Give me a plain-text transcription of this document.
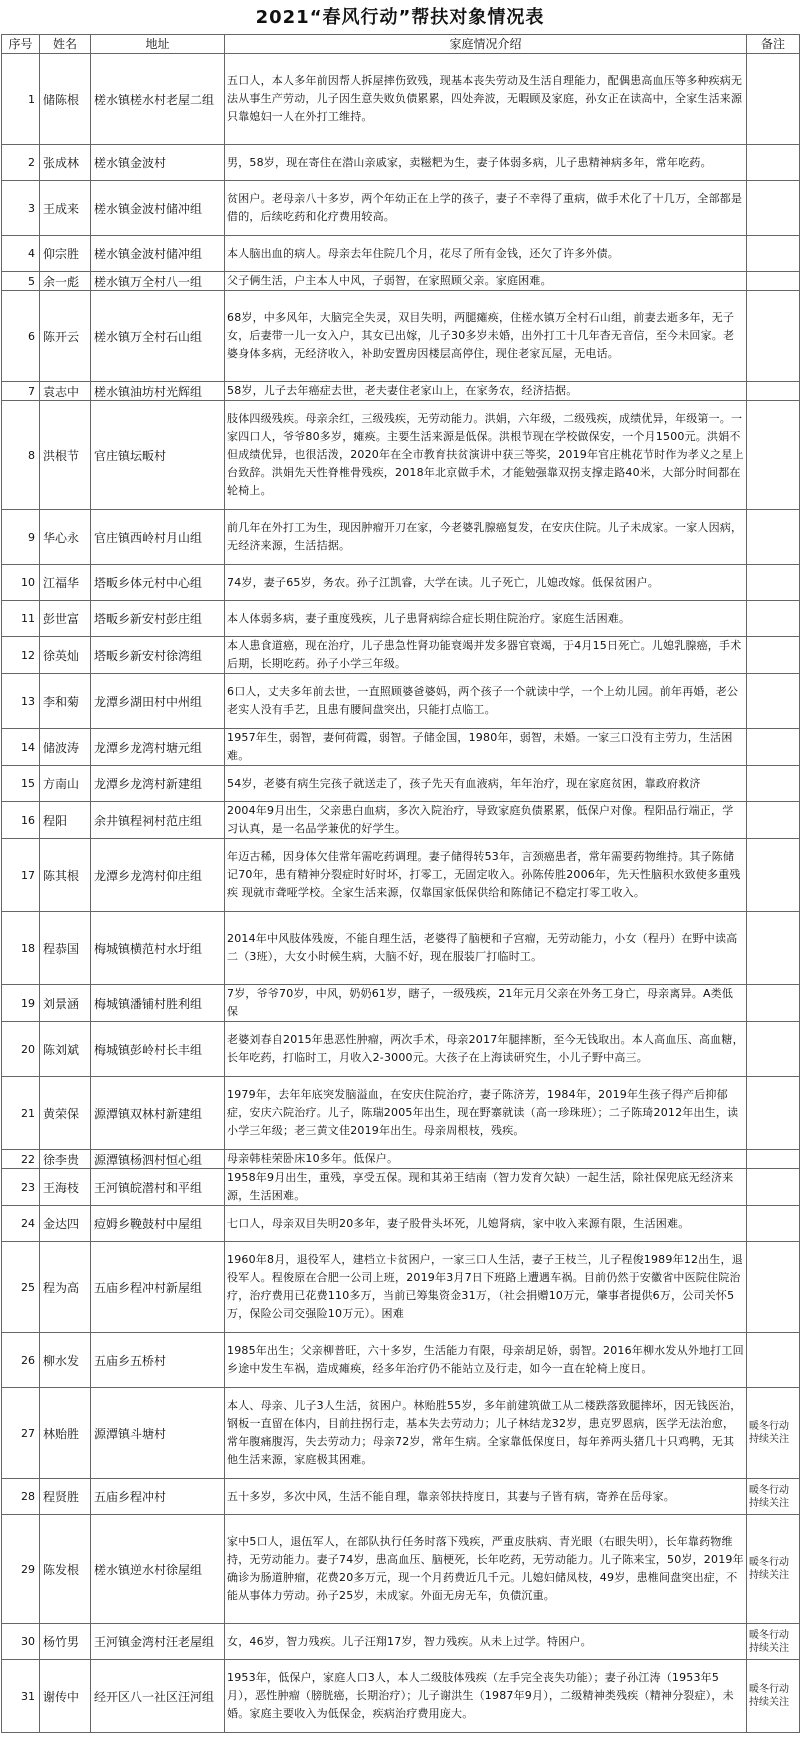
2021“春风行动”帮扶对象情况表
序号	姓名	地址	家庭情况介绍	备注
1	储陈根	槎水镇槎水村老屋二组	五口人，本人多年前因帮人拆屋摔伤致残，现基本丧失劳动及生活自理能力，配偶患高血压等多种疾病无法从事生产劳动，儿子因生意失败负债累累，四处奔波，无暇顾及家庭，孙女正在读高中，全家生活来源只靠媳妇一人在外打工维持。	
2	张成林	槎水镇金波村	男，58岁，现在寄住在潜山亲戚家，卖糍粑为生，妻子体弱多病，儿子患精神病多年，常年吃药。	
3	王成来	槎水镇金波村储冲组	贫困户。老母亲八十多岁，两个年幼正在上学的孩子，妻子不幸得了重病，做手术化了十几万，全部都是借的，后续吃药和化疗费用较高。	
4	仰宗胜	槎水镇金波村储冲组	本人脑出血的病人。母亲去年住院几个月，花尽了所有金钱，还欠了许多外债。	
5	余一彪	槎水镇万全村八一组	父子俩生活，户主本人中风，子弱智，在家照顾父亲。家庭困难。	
6	陈开云	槎水镇万全村石山组	68岁，中多风年，大脑完全失灵，双目失明，两腿瘫痪，住槎水镇万全村石山组，前妻去逝多年，无子女，后妻带一儿一女入户，其女已出嫁，儿子30多岁未婚，出外打工十几年杳无音信，至今未回家。老婆身体多病，无经济收入，补助安置房因楼层高停住，现住老家瓦屋，无电话。	
7	袁志中	槎水镇油坊村光辉组	58岁，儿子去年癌症去世，老夫妻住老家山上，在家务农，经济拮据。	
8	洪根节	官庄镇坛畈村	肢体四级残疾。母亲余红，三级残疾，无劳动能力。洪娟，六年级，二级残疾，成绩优异，年级第一。一家四口人，爷爷80多岁，瘫痪。主要生活来源是低保。洪根节现在学校做保安，一个月1500元。洪娟不但成绩优异，也很活泼，2020年在全市教育扶贫演讲中获三等奖，2019年官庄桃花节时作为孝义之星上台致辞。洪娟先天性脊椎骨残疾，2018年北京做手术，才能勉强靠双拐支撑走路40米，大部分时间都在轮椅上。	
9	华心永	官庄镇西岭村月山组	前几年在外打工为生，现因肿瘤开刀在家，今老婆乳腺癌复发，在安庆住院。儿子未成家。一家人因病，无经济来源，生活拮据。	
10	江福华	塔畈乡体元村中心组	74岁，妻子65岁，务农。孙子江凯睿，大学在读。儿子死亡，儿媳改嫁。低保贫困户。	
11	彭世富	塔畈乡新安村彭庄组	本人体弱多病，妻子重度残疾，儿子患肾病综合症长期住院治疗。家庭生活困难。	
12	徐英灿	塔畈乡新安村徐湾组	本人患食道癌，现在治疗，儿子患急性肾功能衰竭并发多器官衰竭，于4月15日死亡。儿媳乳腺癌，手术后期，长期吃药。孙子小学三年级。	
13	李和菊	龙潭乡湖田村中州组	6口人，丈夫多年前去世，一直照顾婆爸婆妈，两个孩子一个就读中学，一个上幼儿园。前年再婚，老公老实人没有手艺，且患有腰间盘突出，只能打点临工。	
14	储波涛	龙潭乡龙湾村塘元组	1957年生，弱智，妻何荷霞，弱智。子储金国，1980年，弱智，未婚。一家三口没有主劳力，生活困难。	
15	方南山	龙潭乡龙湾村新建组	54岁，老婆有病生完孩子就送走了，孩子先天有血液病，年年治疗，现在家庭贫困，靠政府救济	
16	程阳	余井镇程祠村范庄组	2004年9月出生，父亲患白血病，多次入院治疗，导致家庭负债累累，低保户对像。程阳品行端正，学习认真，是一名品学兼优的好学生。	
17	陈其根	龙潭乡龙湾村仰庄组	年迈古稀，因身体欠佳常年需吃药调理。妻子储得转53年，言颈癌患者，常年需要药物维持。其子陈储记70年，患有精神分裂症时好时坏，打零工，无固定收入。孙陈传胜2006年，先天性脑积水致使多重残疾 现就市聋哑学校。全家生活来源，仅靠国家低保供给和陈储记不稳定打零工收入。	
18	程恭国	梅城镇横范村水圩组	2014年中风肢体残废，不能自理生活，老婆得了脑梗和子宫瘤，无劳动能力，小女（程丹）在野中读高二（3班），大女小时候生病，大脑不好，现在服装厂打临时工。	
19	刘景涵	梅城镇潘铺村胜利组	7岁，爷爷70岁，中风，奶奶61岁，瞎子，一级残疾，21年元月父亲在外务工身亡，母亲离异。A类低保	
20	陈刘斌	梅城镇彭岭村长丰组	老婆刘春自2015年患恶性肿瘤，两次手术，母亲2017年腿摔断，至今无钱取出。本人高血压、高血糖，长年吃药，打临时工，月收入2-3000元。大孩子在上海读研究生，小儿子野中高三。	
21	黄荣保	源潭镇双林村新建组	1979年，去年年底突发脑溢血，在安庆住院治疗，妻子陈济芳，1984年，2019年生孩子得产后抑郁症，安庆六院治疗。儿子，陈瑞2005年出生，现在野寨就读（高一珍珠班）；二子陈琦2012年出生，读小学三年级；老三黄文佳2019年出生。母亲周根枝，残疾。	
22	徐李贵	源潭镇杨泗村恒心组	母亲韩桂荣卧床10多年。低保户。	
23	王海枝	王河镇皖潜村和平组	1958年9月出生，重残，享受五保。现和其弟王结南（智力发育欠缺）一起生活，除社保兜底无经济来源，生活困难。	
24	金达四	痘姆乡鞔鼓村中屋组	七口人，母亲双目失明20多年，妻子股骨头坏死，儿媳肾病，家中收入来源有限，生活困难。	
25	程为高	五庙乡程冲村新屋组	1960年8月，退役军人，建档立卡贫困户，一家三口人生活，妻子王枝兰，儿子程俊1989年12出生，退役军人。程俊原在合肥一公司上班，2019年3月7日下班路上遭遇车祸。目前仍然于安徽省中医院住院治疗，治疗费用已花费110多万，当前已筹集资金31万，（社会捐赠10万元，肇事者提供6万，公司关怀5万，保险公司交强险10万元）。困难	
26	柳水发	五庙乡五桥村	1985年出生；父亲柳普旺，六十多岁，生活能力有限，母亲胡足娇，弱智。2016年柳水发从外地打工回乡途中发生车祸，造成瘫痪，经多年治疗仍不能站立及行走，如今一直在轮椅上度日。	
27	林贻胜	源潭镇斗塘村	本人、母亲、儿子3人生活，贫困户。林贻胜55岁，多年前建筑做工从二楼跌落致腿摔坏，因无钱医治，钢板一直留在体内，目前拄拐行走，基本失去劳动力；儿子林结龙32岁，患克罗恩病，医学无法治愈，常年腹痛腹泻，失去劳动力；母亲72岁，常年生病。全家靠低保度日，每年养两头猪几十只鸡鸭，无其他生活来源，家庭极其困难。	暖冬行动持续关注
28	程贤胜	五庙乡程冲村	五十多岁，多次中风，生活不能自理，靠亲邻扶持度日，其妻与子皆有病，寄养在岳母家。	暖冬行动持续关注
29	陈发根	槎水镇逆水村徐屋组	家中5口人，退伍军人，在部队执行任务时落下残疾，严重皮肤病、青光眼（右眼失明），长年靠药物维持，无劳动能力。妻子74岁，患高血压、脑梗死，长年吃药，无劳动能力。儿子陈来宝，50岁，2019年确诊为肠道肿瘤，花费20多万元，现一个月药费近几千元。儿媳妇储凤枝，49岁，患椎间盘突出症，不能从事体力劳动。孙子25岁，未成家。外面无房无车，负债沉重。	暖冬行动持续关注
30	杨竹男	王河镇金湾村汪老屋组	女，46岁，智力残疾。儿子汪翔17岁，智力残疾。从未上过学。特困户。	暖冬行动持续关注
31	谢传中	经开区八一社区汪河组	1953年，低保户，家庭人口3人，本人二级肢体残疾（左手完全丧失功能）；妻子孙江涛（1953年5月），恶性肿瘤（膀胱癌，长期治疗）；儿子谢洪生（1987年9月），二级精神类残疾（精神分裂症），未婚。家庭主要收入为低保金，疾病治疗费用庞大。	暖冬行动持续关注
